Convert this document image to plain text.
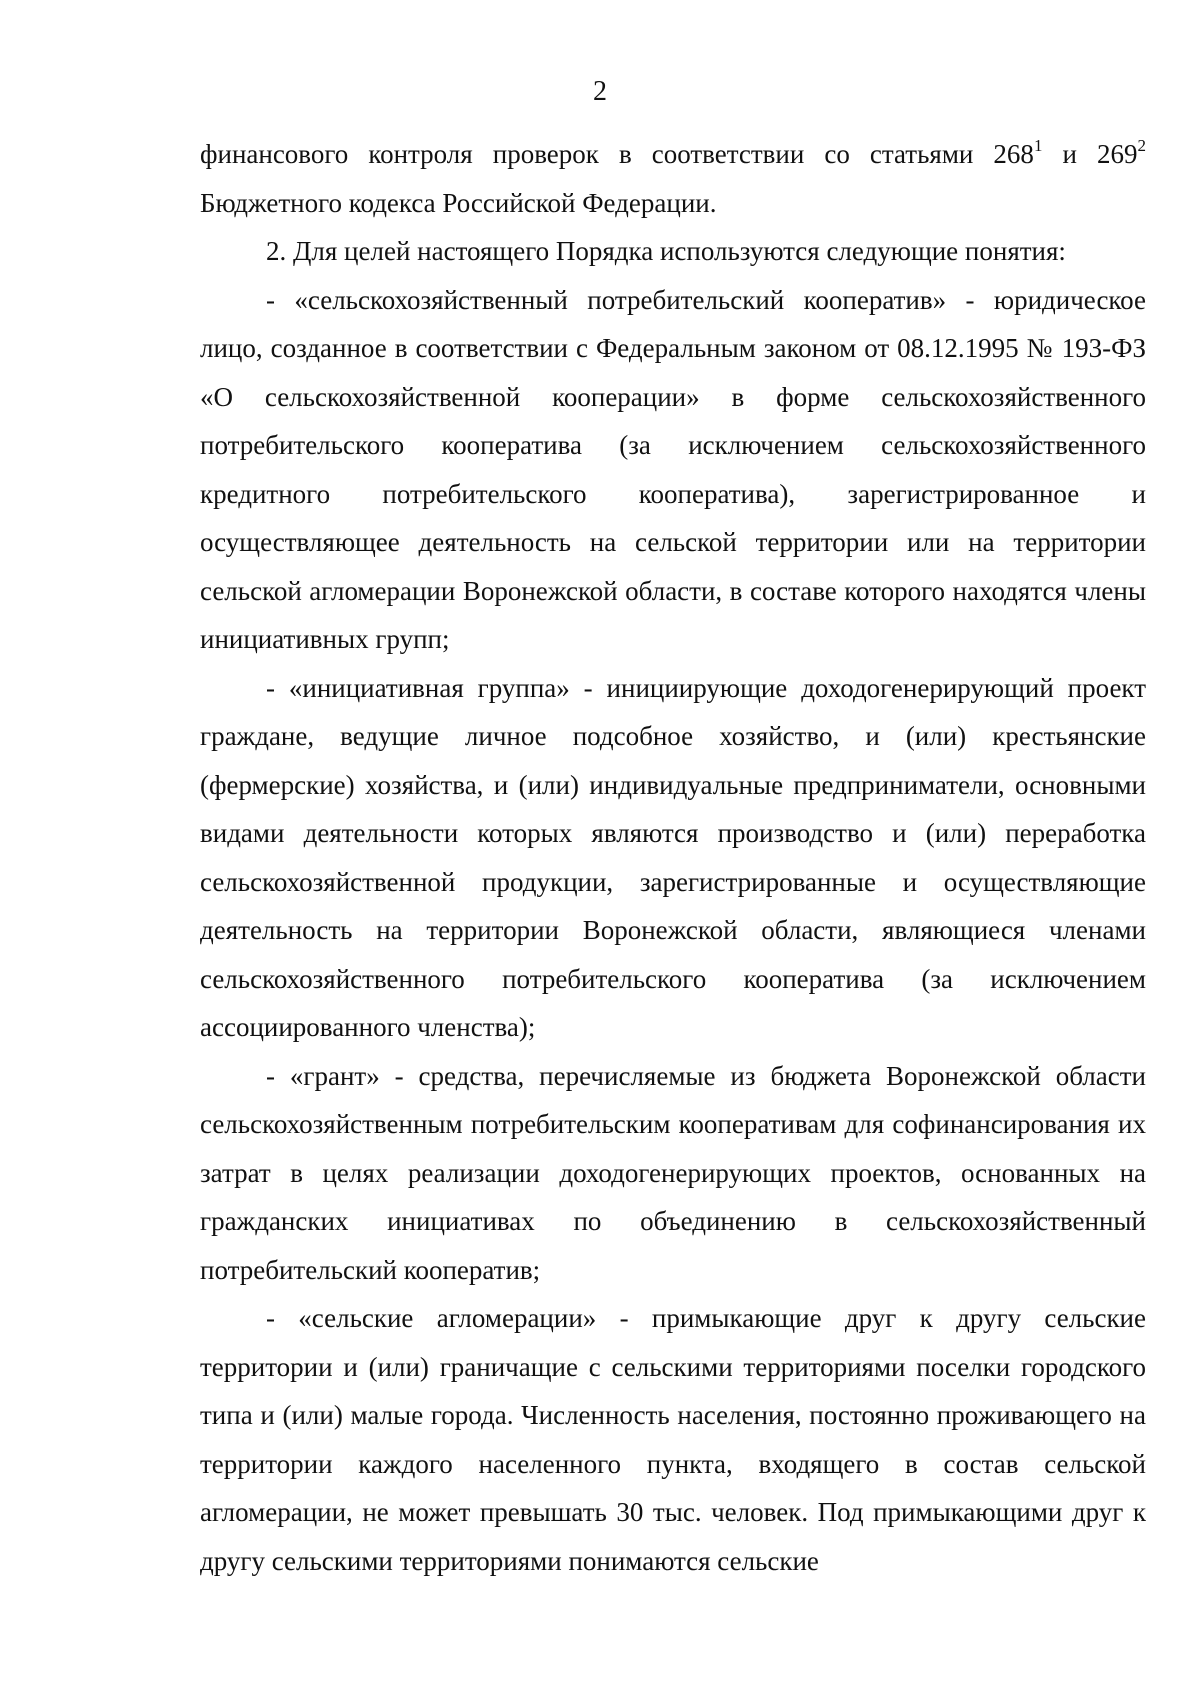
2

финансового контроля проверок в соответствии со статьями $268^1$ и $269^2$ Бюджетного кодекса Российской Федерации.

2. Для целей настоящего Порядка используются следующие понятия:

- «сельскохозяйственный потребительский кооператив» - юридическое лицо, созданное в соответствии с Федеральным законом от 08.12.1995 № 193-ФЗ «О сельскохозяйственной кооперации» в форме сельскохозяйственного потребительского кооператива (за исключением сельскохозяйственного кредитного потребительского кооператива), зарегистрированное и осуществляющее деятельность на сельской территории или на территории сельской агломерации Воронежской области, в составе которого находятся члены инициативных групп;

- «инициативная группа» - инициирующие доходогенерирующий проект граждане, ведущие личное подсобное хозяйство, и (или) крестьянские (фермерские) хозяйства, и (или) индивидуальные предприниматели, основными видами деятельности которых являются производство и (или) переработка сельскохозяйственной продукции, зарегистрированные и осуществляющие деятельность на территории Воронежской области, являющиеся членами сельскохозяйственного потребительского кооператива (за исключением ассоциированного членства);

- «грант» - средства, перечисляемые из бюджета Воронежской области сельскохозяйственным потребительским кооперативам для софинансирования их затрат в целях реализации доходогенерирующих проектов, основанных на гражданских инициативах по объединению в сельскохозяйственный потребительский кооператив;

- «сельские агломерации» - примыкающие друг к другу сельские территории и (или) граничащие с сельскими территориями поселки городского типа и (или) малые города. Численность населения, постоянно проживающего на территории каждого населенного пункта, входящего в состав сельской агломерации, не может превышать 30 тыс. человек. Под примыкающими друг к другу сельскими территориями понимаются сельские
